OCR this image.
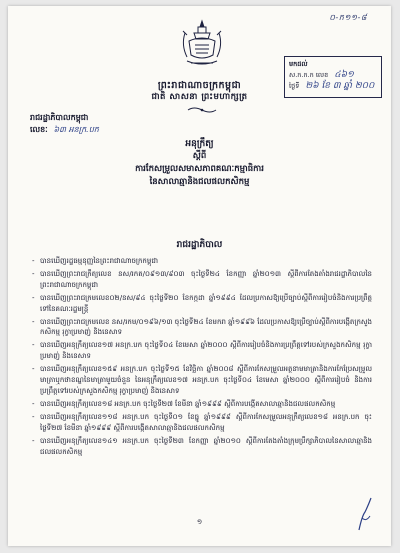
០-ក១១-៨
មកដល់
ស.ក.ក.ក លេខ ៤៦១
ថ្ងៃទី ២៦ ខែ ៣ ឆ្នាំ ២០០
ព្រះរាជាណាចក្រកម្ពុជា
ជាតិ សាសនា ព្រះមហាក្សត្រ
រាជរដ្ឋាភិបាលកម្ពុជា
លេខៈ ៦៣ អនក្រ.បក
អនុក្រឹត្យ
ស្តីពី
ការកែសម្រួលសមាសភាពគណៈកម្មាធិការ
នៃសាលាឆ្មានិងជលផលកសិកម្ម
រាជរដ្ឋាភិបាល
- បានឃើញរដ្ឋធម្មនុញ្ញនៃព្រះរាជាណាចក្រកម្ពុជា
- បានឃើញព្រះរាជក្រឹត្យលេខ នស/រកត/០៩១៣/៩០៣ ចុះថ្ងៃទី២៤ ខែកញ្ញា ឆ្នាំ២០១៣ ស្តីពីការតែងតាំងរាជរដ្ឋាភិបាលនៃព្រះរាជាណាចក្រកម្ពុជា
- បានឃើញព្រះរាជក្រមលេខ០២/នស/៩៤ ចុះថ្ងៃទី២០ ខែកក្កដា ឆ្នាំ១៩៩៤ ដែលប្រកាសឱ្យប្រើច្បាប់ស្តីពីការរៀបចំនិងការប្រព្រឹត្តទៅនៃគណៈរដ្ឋមន្ត្រី
- បានឃើញព្រះរាជក្រមលេខ នស/រកម/០១៩៦/១៣ ចុះថ្ងៃទី២៤ ខែមករា ឆ្នាំ១៩៩៦ ដែលប្រកាសឱ្យប្រើច្បាប់ស្តីពីការបង្កើតក្រសួងកសិកម្ម រុក្ខាប្រមាញ់ និងនេសាទ
- បានឃើញអនុក្រឹត្យលេខ១៧ អនក្រ.បក ចុះថ្ងៃទី០៤ ខែមេសា ឆ្នាំ២០០០ ស្តីពីការរៀបចំនិងការប្រព្រឹត្តទៅរបស់ក្រសួងកសិកម្ម រុក្ខាប្រមាញ់ និងនេសាទ
- បានឃើញអនុក្រឹត្យលេខ១៥៩ អនក្រ.បក ចុះថ្ងៃទី១៥ ខែវិច្ឆិកា ឆ្នាំ២០០៨ ស្តីពីការកែសម្រួលអត្ថនាមមាត្រានិងការកែប្រែសម្រួលមាត្រាឬកថាខណ្ឌនៃមាត្រាមួយចំនួន នៃអនុក្រឹត្យលេខ១៧ អនក្រ.បក ចុះថ្ងៃទី០៤ ខែមេសា ឆ្នាំ២០០០ ស្តីពីការរៀបចំ និងការប្រព្រឹត្តទៅរបស់ក្រសួងកសិកម្ម រុក្ខាប្រមាញ់ និងនេសាទ
- បានឃើញអនុក្រឹត្យលេខ១៨ អនក្រ.បក ចុះថ្ងៃទី២៧ ខែមីនា ឆ្នាំ១៩៩៩ ស្តីពីការបង្កើតសាលាឆ្មានិងជលផលកសិកម្ម
- បានឃើញអនុក្រឹត្យលេខ១១៨ អនក្រ.បក ចុះថ្ងៃទី០១ ខែធ្នូ ឆ្នាំ១៩៩៩ ស្តីពីការកែសម្រួលអនុក្រឹត្យលេខ១៨ អនក្រ.បក ចុះថ្ងៃទី២៧ ខែមីនា ឆ្នាំ១៩៩៩ ស្តីពីការបង្កើតសាលាឆ្មានិងជលផលកសិកម្ម
- បានឃើញអនុក្រឹត្យលេខ១៤១ អនក្រ.បក ចុះថ្ងៃទី២៣ ខែកញ្ញា ឆ្នាំ២០១០ ស្តីពីការតែងតាំងក្រុមប្រឹក្សាភិបាលនៃសាលាឆ្មានិងជលផលកសិកម្ម
១
